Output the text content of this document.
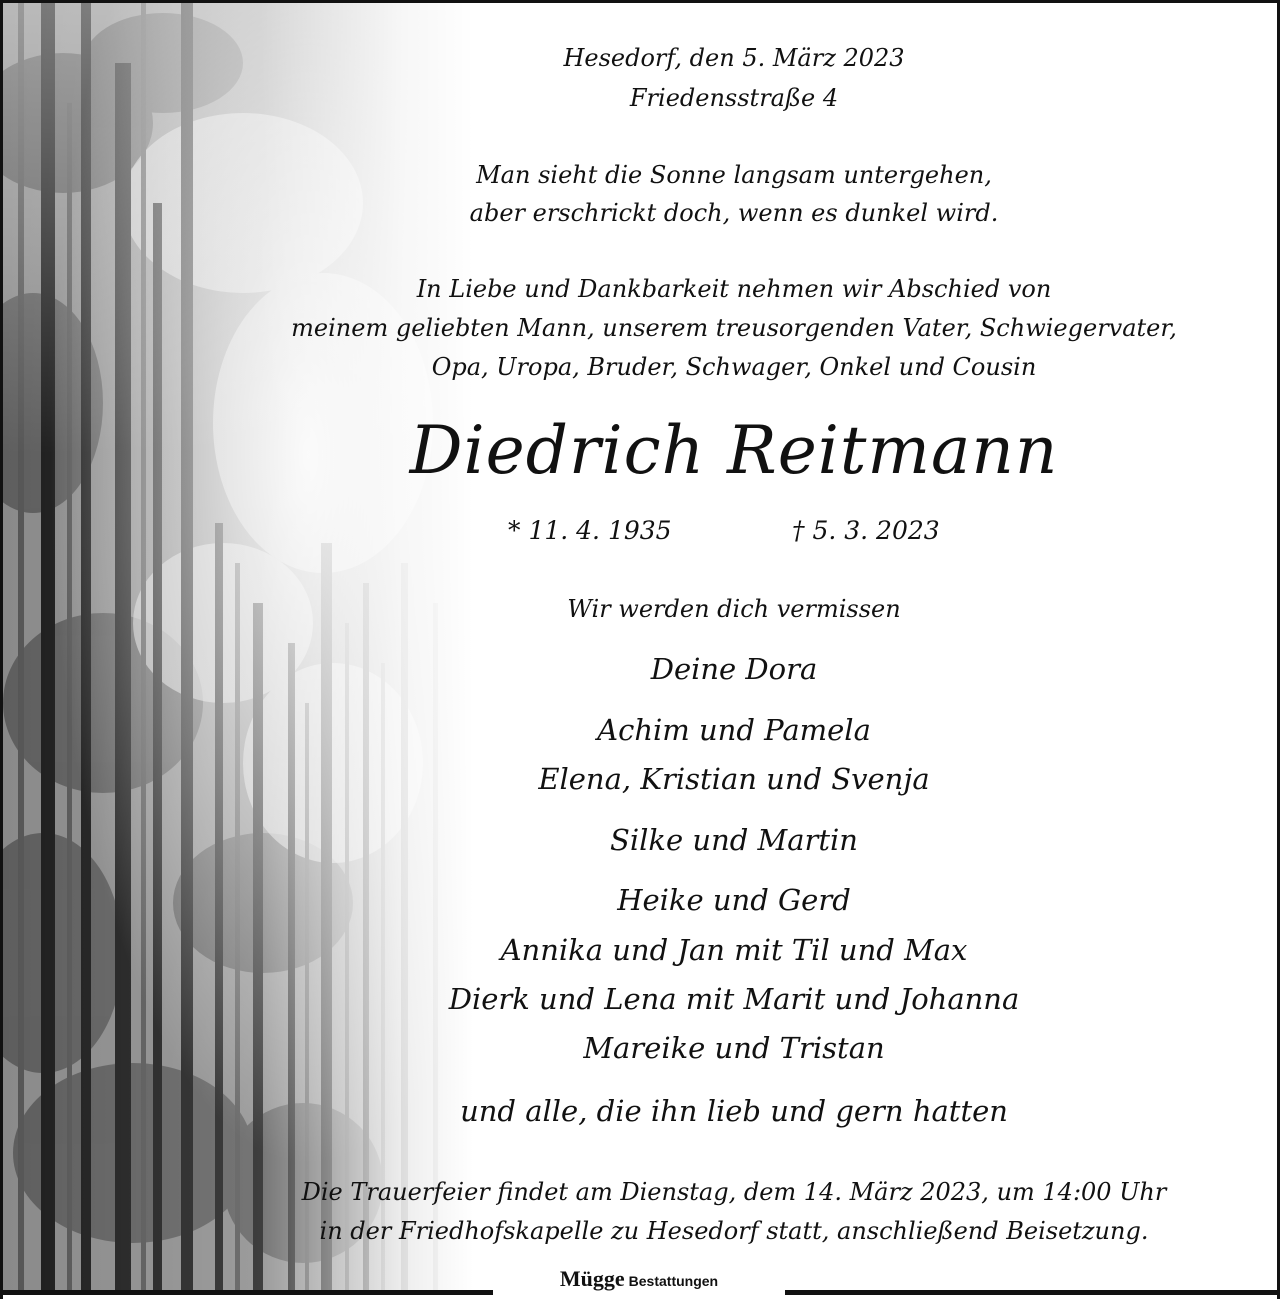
Hesedorf, den 5. März 2023
Friedensstraße 4
Man sieht die Sonne langsam untergehen,
aber erschrickt doch, wenn es dunkel wird.
In Liebe und Dankbarkeit nehmen wir Abschied von
meinem geliebten Mann, unserem treusorgenden Vater, Schwiegervater,
Opa, Uropa, Bruder, Schwager, Onkel und Cousin
Diedrich Reitmann
* 11. 4. 1935	† 5. 3. 2023
Wir werden dich vermissen
Deine Dora
Achim und Pamela
Elena, Kristian und Svenja
Silke und Martin
Heike und Gerd
Annika und Jan mit Til und Max
Dierk und Lena mit Marit und Johanna
Mareike und Tristan
und alle, die ihn lieb und gern hatten
Die Trauerfeier findet am Dienstag, dem 14. März 2023, um 14:00 Uhr
in der Friedhofskapelle zu Hesedorf statt, anschließend Beisetzung.
Mügge Bestattungen
